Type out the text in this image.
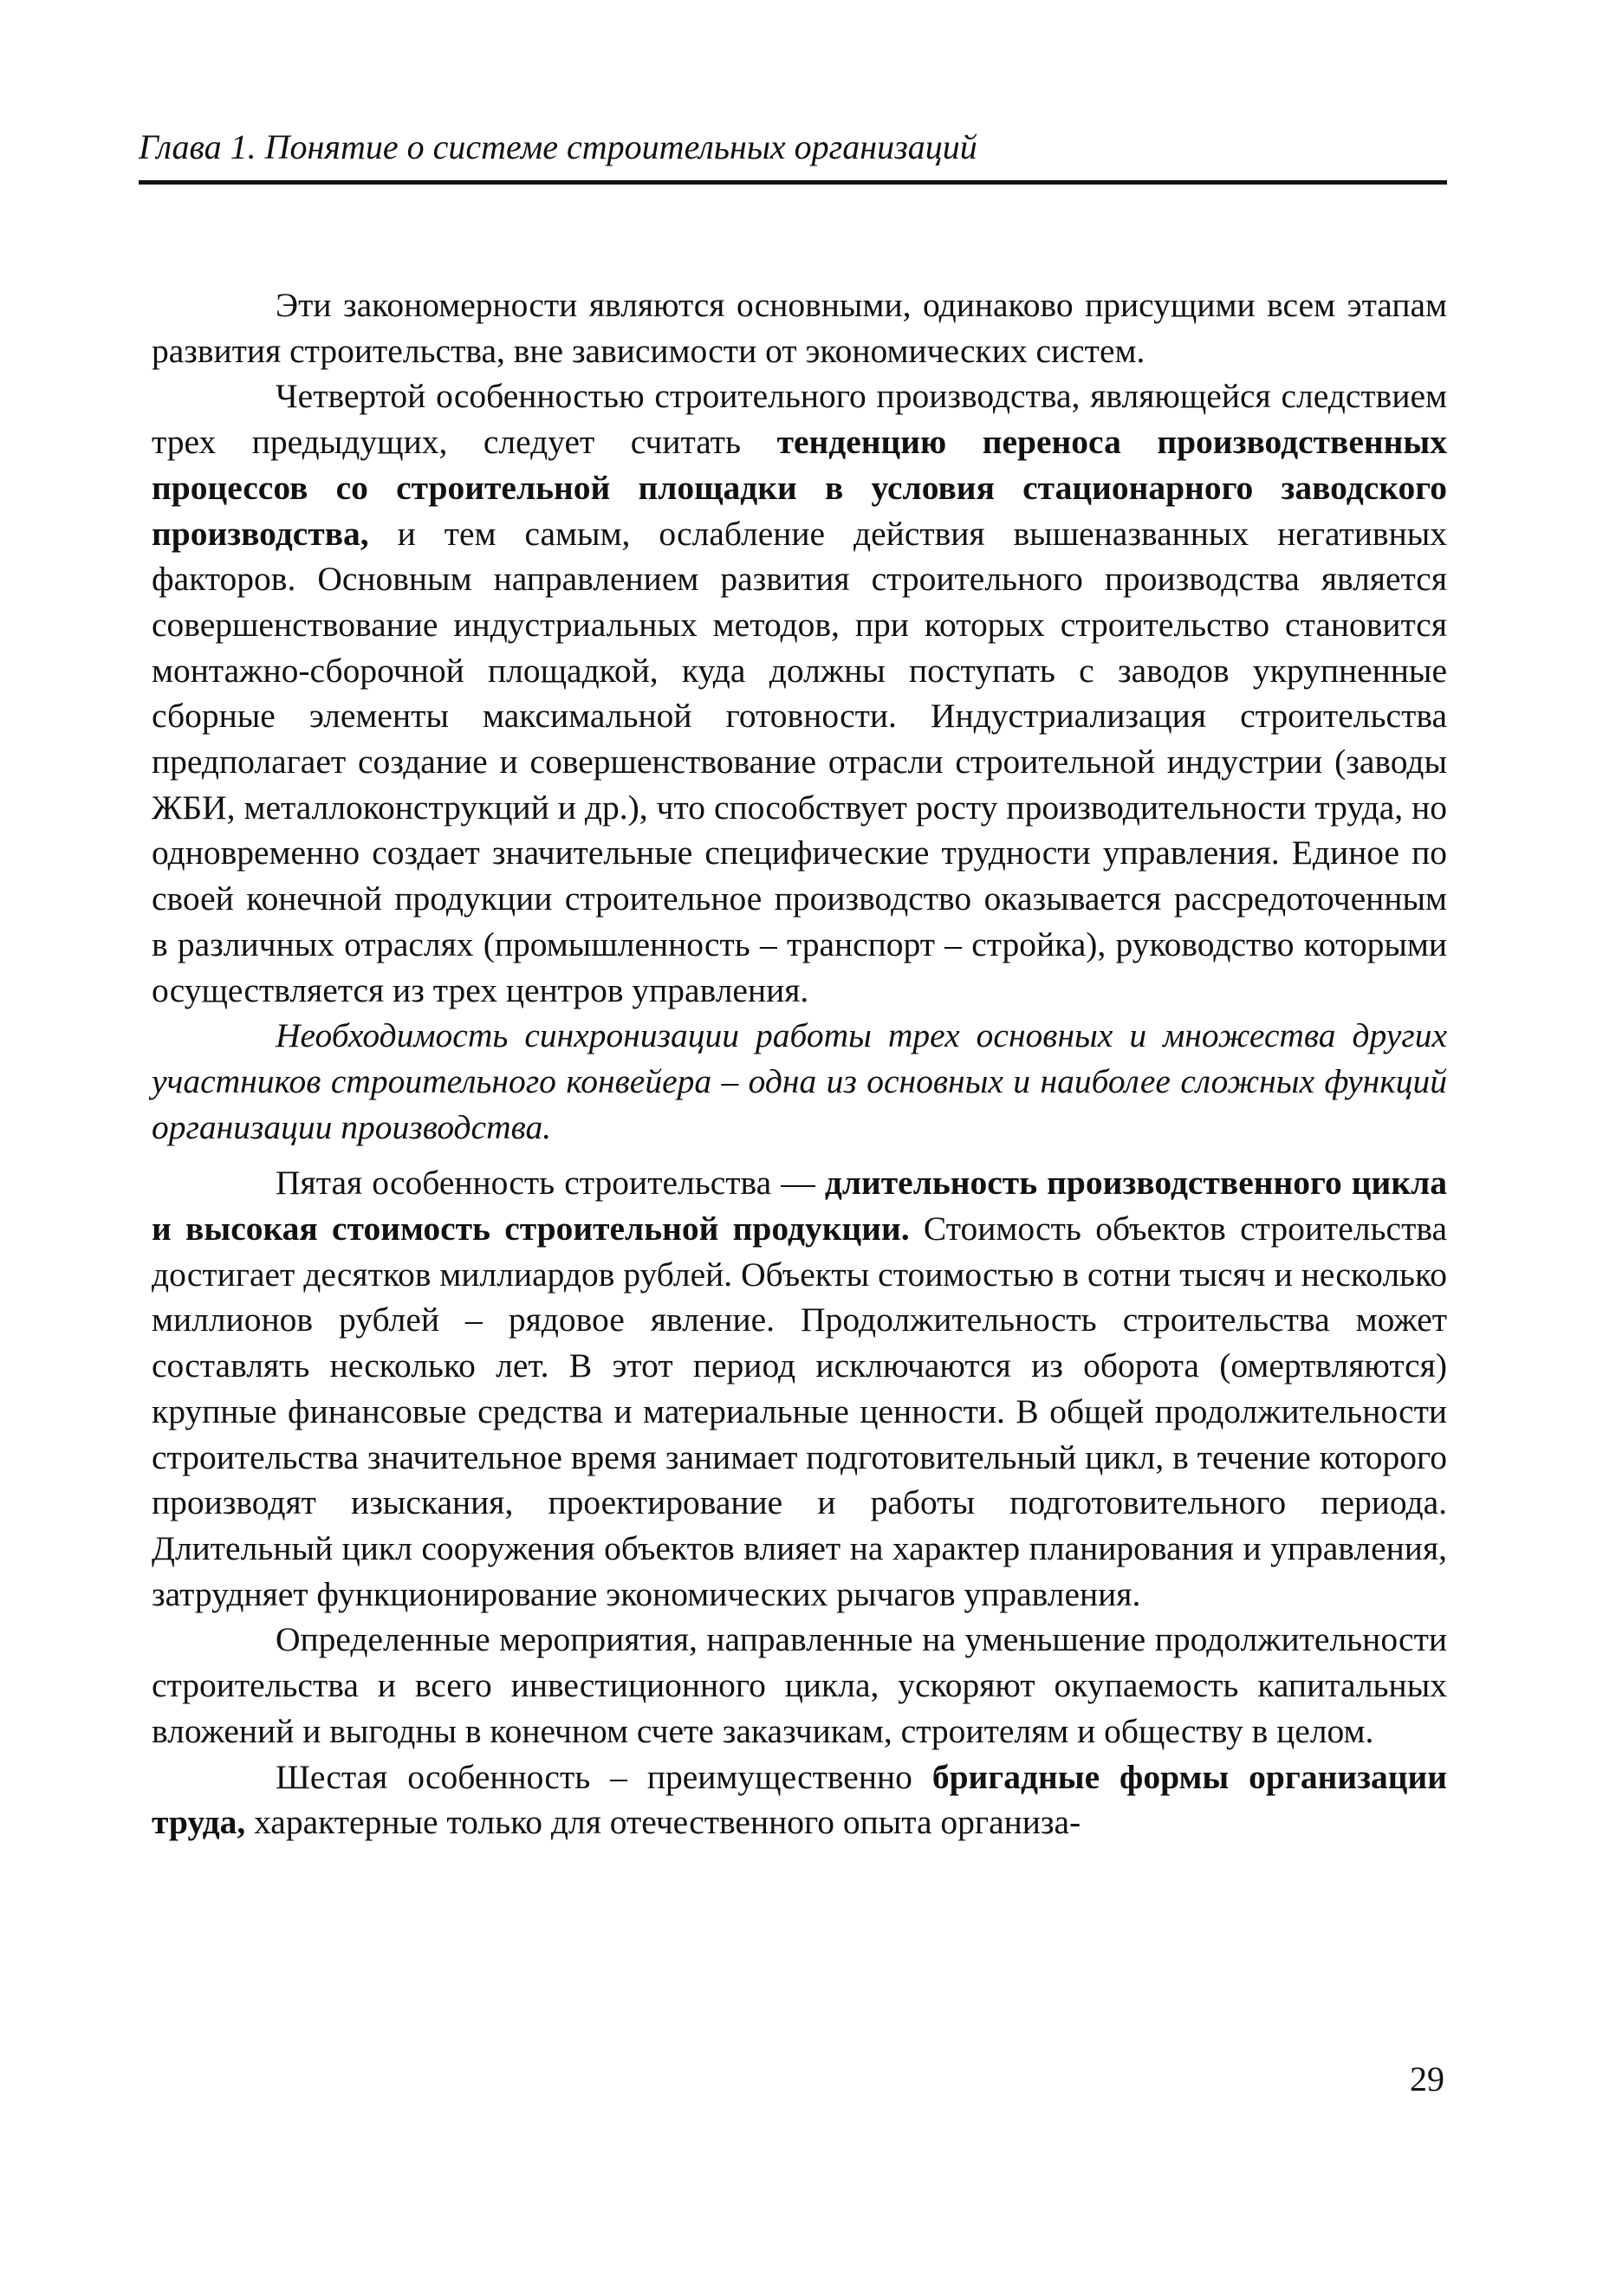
Глава 1. Понятие о системе строительных организаций

Эти закономерности являются основными, одинаково присущими всем этапам развития строительства, вне зависимости от экономических систем.

Четвертой особенностью строительного производства, являющейся следствием трех предыдущих, следует считать тенденцию переноса производственных процессов со строительной площадки в условия стационарного заводского производства, и тем самым, ослабление действия вышеназванных негативных факторов. Основным направлением развития строительного производства является совершенствование индустриальных методов, при которых строительство становится монтажно-сборочной площадкой, куда должны поступать с заводов укрупненные сборные элементы максимальной готовности. Индустриализация строительства предполагает создание и совершенствование отрасли строительной индустрии (заводы ЖБИ, металлоконструкций и др.), что способствует росту производительности труда, но одновременно создает значительные специфические трудности управления. Единое по своей конечной продукции строительное производство оказывается рассредоточенным в различных отраслях (промышленность – транспорт – стройка), руководство которыми осуществляется из трех центров управления.

Необходимость синхронизации работы трех основных и множества других участников строительного конвейера – одна из основных и наиболее сложных функций организации производства.

Пятая особенность строительства — длительность производственного цикла и высокая стоимость строительной продукции. Стоимость объектов строительства достигает десятков миллиардов рублей. Объекты стоимостью в сотни тысяч и несколько миллионов рублей – рядовое явление. Продолжительность строительства может составлять несколько лет. В этот период исключаются из оборота (омертвляются) крупные финансовые средства и материальные ценности. В общей продолжительности строительства значительное время занимает подготовительный цикл, в течение которого производят изыскания, проектирование и работы подготовительного периода. Длительный цикл сооружения объектов влияет на характер планирования и управления, затрудняет функционирование экономических рычагов управления.

Определенные мероприятия, направленные на уменьшение продолжительности строительства и всего инвестиционного цикла, ускоряют окупаемость капитальных вложений и выгодны в конечном счете заказчикам, строителям и обществу в целом.

Шестая особенность – преимущественно бригадные формы организации труда, характерные только для отечественного опыта организа-

29
